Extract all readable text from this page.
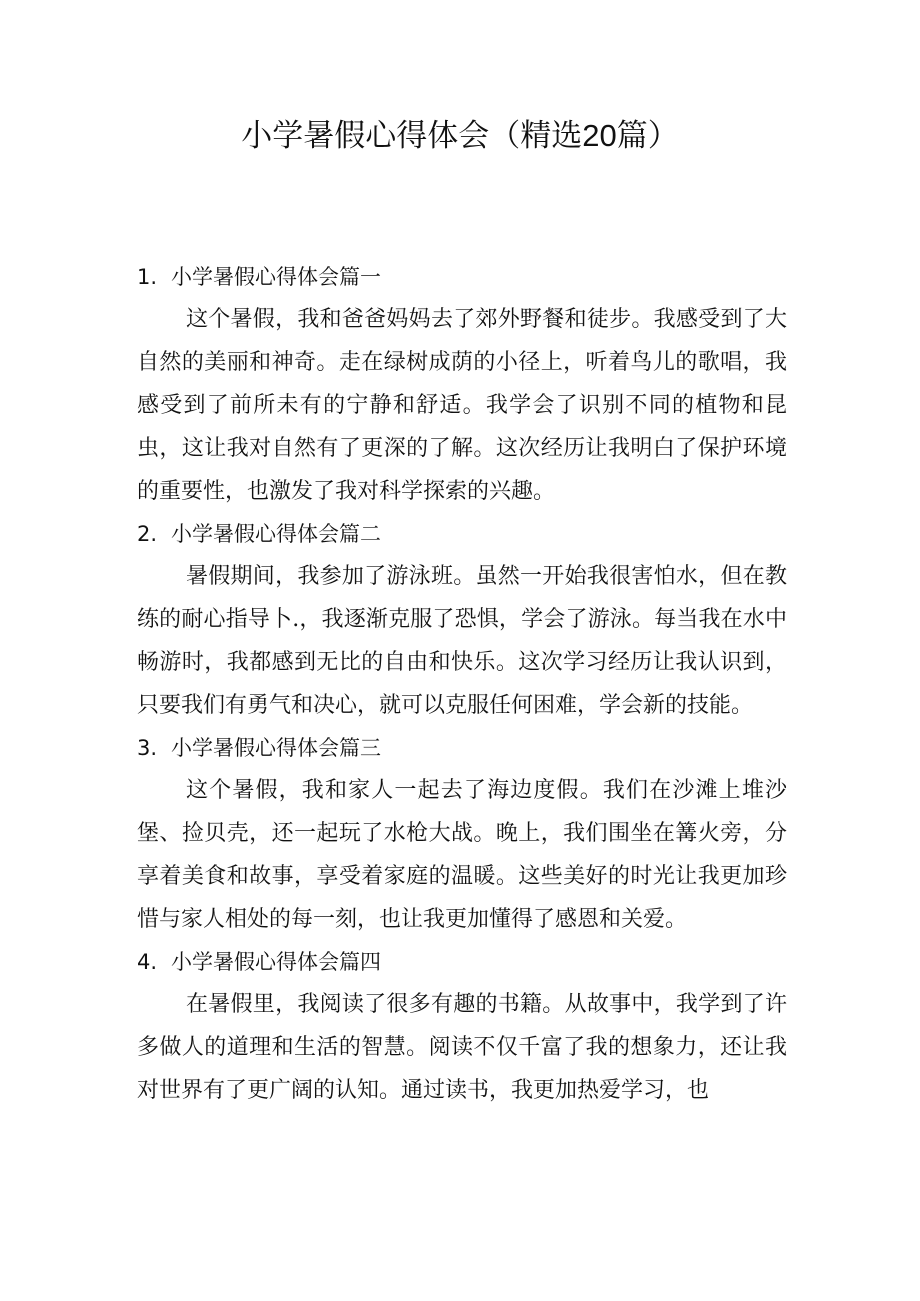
小学暑假心得体会（精选20篇）

1. 小学暑假心得体会篇一

这个暑假，我和爸爸妈妈去了郊外野餐和徒步。我感受到了大自然的美丽和神奇。走在绿树成荫的小径上，听着鸟儿的歌唱，我感受到了前所未有的宁静和舒适。我学会了识别不同的植物和昆虫，这让我对自然有了更深的了解。这次经历让我明白了保护环境的重要性，也激发了我对科学探索的兴趣。

2. 小学暑假心得体会篇二

暑假期间，我参加了游泳班。虽然一开始我很害怕水，但在教练的耐心指导卜.，我逐渐克服了恐惧，学会了游泳。每当我在水中畅游时，我都感到无比的自由和快乐。这次学习经历让我认识到，只要我们有勇气和决心，就可以克服任何困难，学会新的技能。

3. 小学暑假心得体会篇三

这个暑假，我和家人一起去了海边度假。我们在沙滩上堆沙堡、捡贝壳，还一起玩了水枪大战。晚上，我们围坐在篝火旁，分享着美食和故事，享受着家庭的温暖。这些美好的时光让我更加珍惜与家人相处的每一刻，也让我更加懂得了感恩和关爱。

4. 小学暑假心得体会篇四

在暑假里，我阅读了很多有趣的书籍。从故事中，我学到了许多做人的道理和生活的智慧。阅读不仅千富了我的想象力，还让我对世界有了更广阔的认知。通过读书，我更加热爱学习，也
